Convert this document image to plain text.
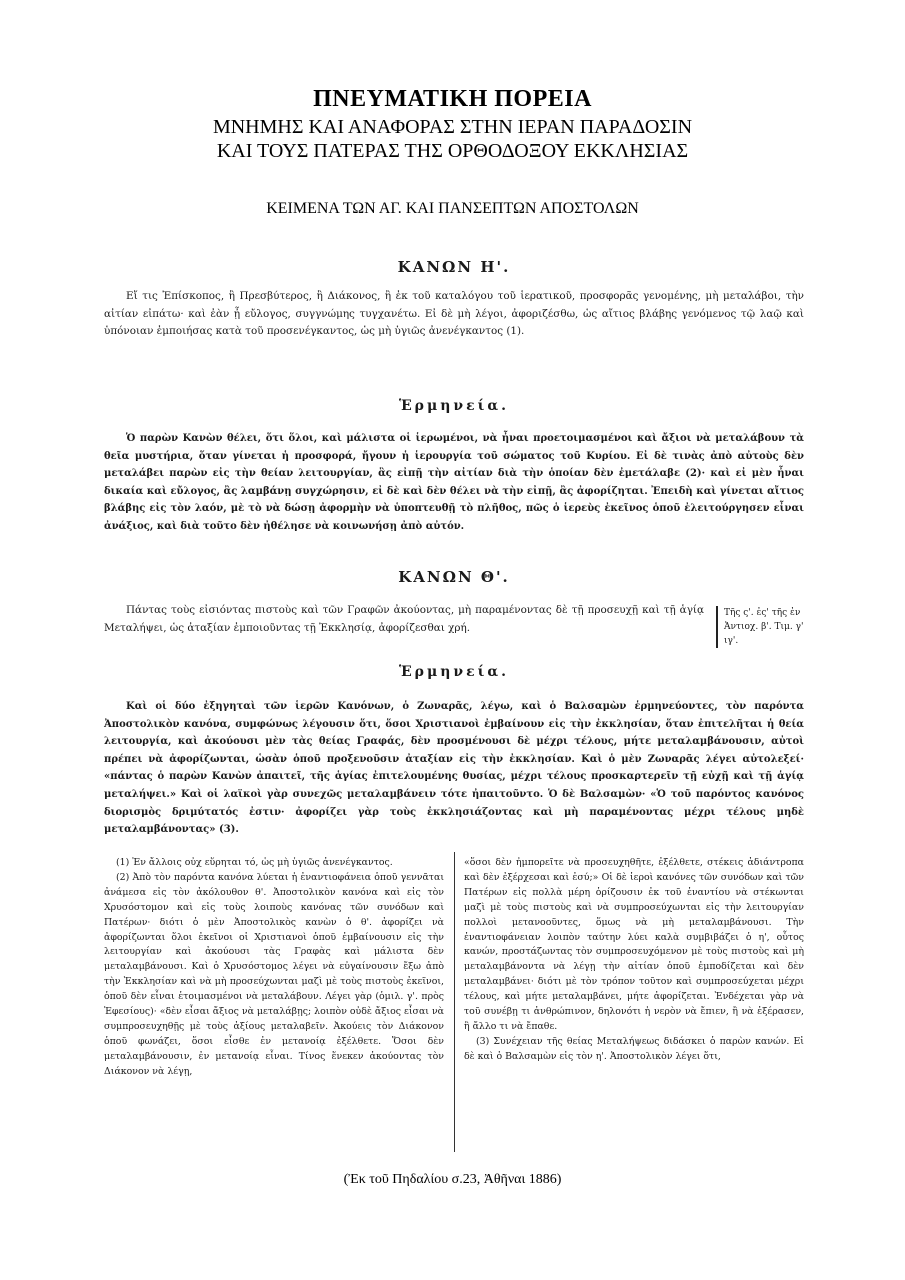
ΠΝΕΥΜΑΤΙΚΗ ΠΟΡΕΙΑ
ΜΝΗΜΗΣ ΚΑΙ ΑΝΑΦΟΡΑΣ ΣΤΗΝ ΙΕΡΑΝ ΠΑΡΑΔΟΣΙΝ
ΚΑΙ ΤΟΥΣ ΠΑΤΕΡΑΣ ΤΗΣ ΟΡΘΟΔΟΞΟΥ ΕΚΚΛΗΣΙΑΣ
ΚΕΙΜΕΝΑ ΤΩΝ ΑΓ. ΚΑΙ ΠΑΝΣΕΠΤΩΝ ΑΠΟΣΤΟΛΩΝ
ΚΑΝΩΝ Η'.
Εἴ τις Ἐπίσκοπος, ἢ Πρεσβύτερος, ἢ Διάκονος, ἢ ἐκ τοῦ καταλόγου τοῦ ἱερατικοῦ, προσφορᾶς γενομένης, μὴ μεταλάβοι, τὴν αἰτίαν εἰπάτω· καὶ ἐὰν ᾖ εὔλογος, συγγνώμης τυγχανέτω. Εἰ δὲ μὴ λέγοι, ἀφοριζέσθω, ὡς αἴτιος βλάβης γενόμενος τῷ λαῷ καὶ ὑπόνοιαν ἐμποιήσας κατὰ τοῦ προσενέγκαντος, ὡς μὴ ὑγιῶς ἀνενέγκαντος (1).
Ἑρμηνεία.
Ὁ παρὼν Κανὼν θέλει, ὅτι ὅλοι, καὶ μάλιστα οἱ ἱερωμένοι, νὰ ἦναι προετοιμασμένοι καὶ ἄξιοι νὰ μεταλάβουν τὰ θεῖα μυστήρια, ὅταν γίνεται ἡ προσφορά, ἤγουν ἡ ἱερουργία τοῦ σώματος τοῦ Κυρίου. Εἰ δὲ τινὰς ἀπὸ αὐτοὺς δὲν μεταλάβει παρὼν εἰς τὴν θείαν λειτουργίαν, ἂς εἰπῇ τὴν αἰτίαν διὰ τὴν ὁποίαν δὲν ἐμετάλαβε (2)· καὶ εἰ μὲν ἦναι δικαία καὶ εὔλογος, ἂς λαμβάνῃ συγχώρησιν, εἰ δὲ καὶ δὲν θέλει νὰ τὴν εἰπῇ, ἂς ἀφορίζηται. Ἐπειδὴ καὶ γίνεται αἴτιος βλάβης εἰς τὸν λαόν, μὲ τὸ νὰ δώσῃ ἀφορμὴν νὰ ὑποπτευθῇ τὸ πλῆθος, πῶς ὁ ἱερεὺς ἐκεῖνος ὁποῦ ἐλειτούργησεν εἶναι ἀνάξιος, καὶ διὰ τοῦτο δὲν ἠθέλησε νὰ κοινωνήσῃ ἀπὸ αὐτόν.
ΚΑΝΩΝ Θ'.
Πάντας τοὺς εἰσιόντας πιστοὺς καὶ τῶν Γραφῶν ἀκούοντας, μὴ παραμένοντας δὲ τῇ προσευχῇ καὶ τῇ ἁγίᾳ Μεταλήψει, ὡς ἀταξίαν ἐμποιοῦντας τῇ Ἐκκλησίᾳ, ἀφορίζεσθαι χρή.
Τῆς ς'. ἐς' τῆς ἐν Ἀντιοχ. β'. Τιμ. γ' ιγ'.
Ἑρμηνεία.
Καὶ οἱ δύο ἐξηγηταὶ τῶν ἱερῶν Κανόνων, ὁ Ζωναρᾶς, λέγω, καὶ ὁ Βαλσαμὼν ἑρμηνεύοντες, τὸν παρόντα Ἀποστολικὸν κανόνα, συμφώνως λέγουσιν ὅτι, ὅσοι Χριστιανοὶ ἐμβαίνουν εἰς τὴν ἐκκλησίαν, ὅταν ἐπιτελῆται ἡ θεία λειτουργία, καὶ ἀκούουσι μὲν τὰς θείας Γραφάς, δὲν προσμένουσι δὲ μέχρι τέλους, μήτε μεταλαμβάνουσιν, αὐτοὶ πρέπει νὰ ἀφορίζωνται, ὡσὰν ὁποῦ προξενοῦσιν ἀταξίαν εἰς τὴν ἐκκλησίαν. Καὶ ὁ μὲν Ζωναρᾶς λέγει αὐτολεξεί· «πάντας ὁ παρὼν Κανὼν ἀπαιτεῖ, τῆς ἁγίας ἐπιτελουμένης θυσίας, μέχρι τέλους προσκαρτερεῖν τῇ εὐχῇ καὶ τῇ ἁγίᾳ μεταλήψει.» Καὶ οἱ λαϊκοὶ γὰρ συνεχῶς μεταλαμβάνειν τότε ἠπαιτοῦντο. Ὁ δὲ Βαλσαμὼν· «Ὁ τοῦ παρόντος κανόνος διορισμὸς δριμύτατός ἐστιν· ἀφορίζει γὰρ τοὺς ἐκκλησιάζοντας καὶ μὴ παραμένοντας μέχρι τέλους μηδὲ μεταλαμβάνοντας» (3).

(1) Ἐν ἄλλοις οὐχ εὕρηται τό, ὡς μὴ ὑγιῶς ἀνενέγκαντος.

(2) Ἀπὸ τὸν παρόντα κανόνα λύεται ἡ ἐναντιοφάνεια ὁποῦ γεννᾶται ἀνάμεσα εἰς τὸν ἀκόλουθον θ'. Ἀποστολικὸν κανόνα καὶ εἰς τὸν Χρυσόστομον καὶ εἰς τοὺς λοιποὺς κανόνας τῶν συνόδων καὶ Πατέρων· διότι ὁ μὲν Ἀποστολικὸς κανὼν ὁ θ'. ἀφορίζει νὰ ἀφορίζωνται ὅλοι ἐκεῖνοι οἱ Χριστιανοὶ ὁποῦ ἐμβαίνουσιν εἰς τὴν λειτουργίαν καὶ ἀκούουσι τὰς Γραφὰς καὶ μάλιστα δὲν μεταλαμβάνουσι. Καὶ ὁ Χρυσόστομος λέγει νὰ εὐγαίνουσιν ἔξω ἀπὸ τὴν Ἐκκλησίαν καὶ νὰ μὴ προσεύχωνται μαζὶ μὲ τοὺς πιστοὺς ἐκεῖνοι, ὁποῦ δὲν εἶναι ἑτοιμασμένοι νὰ μεταλάβουν. Λέγει γὰρ (ὁμιλ. γ'. πρὸς Ἐφεσίους)· «δὲν εἶσαι ἄξιος νὰ μεταλάβῃς; λοιπὸν οὐδὲ ἄξιος εἶσαι νὰ συμπροσευχηθῇς μὲ τοὺς ἀξίους μεταλαβεῖν. Ἀκούεις τὸν Διάκονον ὁποῦ φωνάζει, ὅσοι εἶσθε ἐν μετανοίᾳ ἐξέλθετε. Ὅσοι δὲν μεταλαμβάνουσιν, ἐν μετανοίᾳ εἶναι. Τίνος ἕνεκεν ἀκούοντας τὸν Διάκονον νὰ λέγῃ,

«ὅσοι δὲν ἠμπορεῖτε νὰ προσευχηθῆτε, ἐξέλθετε, στέκεις ἀδιάντροπα καὶ δὲν ἐξέρχεσαι καὶ ἐσύ;» Οἱ δὲ ἱεροὶ κανόνες τῶν συνόδων καὶ τῶν Πατέρων εἰς πολλὰ μέρη ὁρίζουσιν ἐκ τοῦ ἐναντίου νὰ στέκωνται μαζὶ μὲ τοὺς πιστοὺς καὶ νὰ συμπροσεύχωνται εἰς τὴν λειτουργίαν πολλοὶ μετανοοῦντες, ὅμως νὰ μὴ μεταλαμβάνουσι. Τὴν ἐναντιοφάνειαν λοιπὸν ταύτην λύει καλὰ συμβιβάζει ὁ η', οὗτος κανών, προστάζωντας τὸν συμπροσευχόμενον μὲ τοὺς πιστοὺς καὶ μὴ μεταλαμβάνοντα νὰ λέγῃ τὴν αἰτίαν ὁποῦ ἐμποδίζεται καὶ δὲν μεταλαμβάνει· διότι μὲ τὸν τρόπον τοῦτον καὶ συμπροσεύχεται μέχρι τέλους, καὶ μήτε μεταλαμβάνει, μήτε ἀφορίζεται. Ἐνδέχεται γὰρ νὰ τοῦ συνέβῃ τι ἀνθρώπινον, δηλονότι ἡ νερὸν νὰ ἔπιεν, ἢ νὰ ἐξέρασεν, ἢ ἄλλο τι νὰ ἔπαθε.

(3) Συνέχειαν τῆς θείας Μεταλήψεως διδάσκει ὁ παρὼν κανών. Εἰ δὲ καὶ ὁ Βαλσαμὼν εἰς τὸν η'. Ἀποστολικὸν λέγει ὅτι,

(Ἐκ τοῦ Πηδαλίου σ.23, Ἀθῆναι 1886)
